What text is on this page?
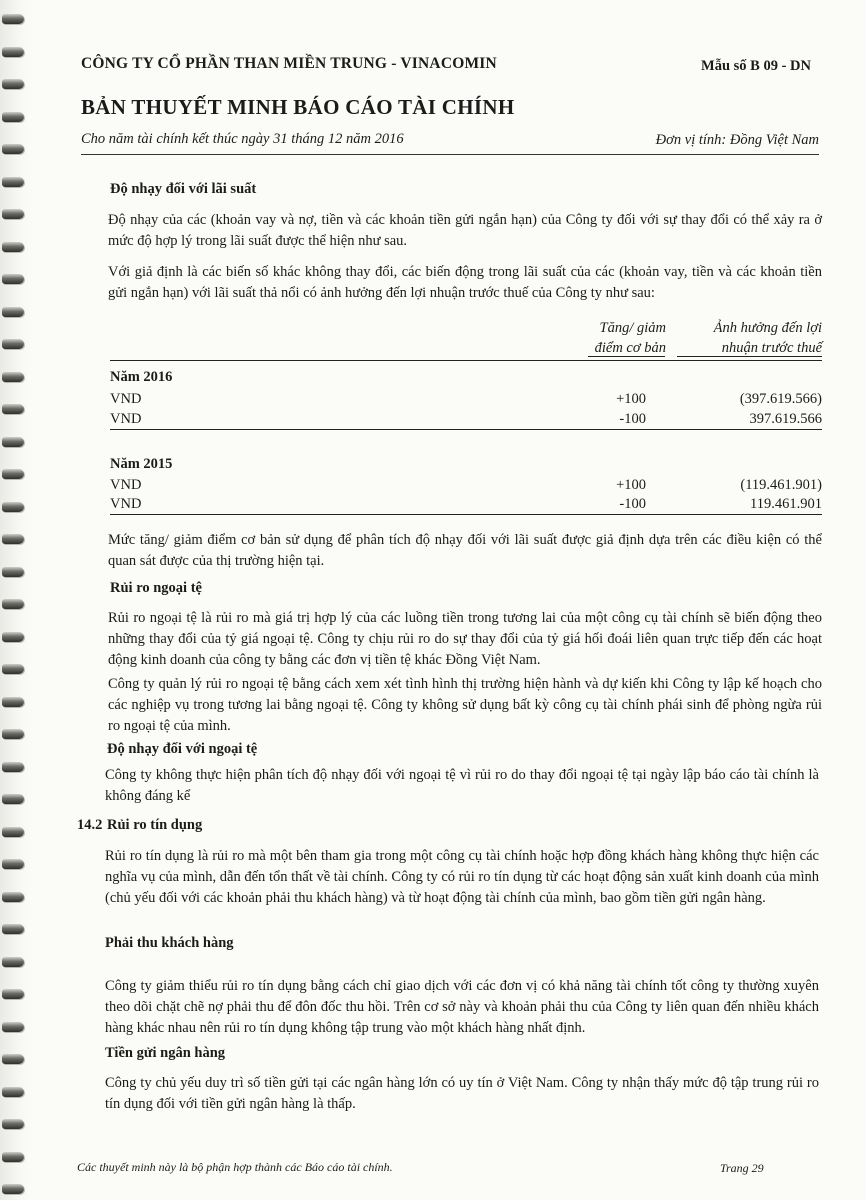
CÔNG TY CỔ PHẦN THAN MIỀN TRUNG - VINACOMIN	Mẫu số B 09 - DN
BẢN THUYẾT MINH BÁO CÁO TÀI CHÍNH
Cho năm tài chính kết thúc ngày 31 tháng 12 năm 2016	Đơn vị tính: Đồng Việt Nam
Độ nhạy đối với lãi suất
Độ nhạy của các (khoản vay và nợ, tiền và các khoản tiền gửi ngắn hạn) của Công ty đối với sự thay đổi có thể xảy ra ở mức độ hợp lý trong lãi suất được thể hiện như sau.
Với giả định là các biến số khác không thay đổi, các biến động trong lãi suất của các (khoản vay, tiền và các khoản tiền gửi ngắn hạn) với lãi suất thả nổi có ảnh hưởng đến lợi nhuận trước thuế của Công ty như sau:
Tăng/ giảm
điểm cơ bản
Ảnh hưởng đến lợi
nhuận trước thuế
Năm 2016
VND	+100	(397.619.566)
VND	-100	397.619.566
Năm 2015
VND	+100	(119.461.901)
VND	-100	119.461.901
Mức tăng/ giảm điểm cơ bản sử dụng để phân tích độ nhạy đối với lãi suất được giả định dựa trên các điều kiện có thể quan sát được của thị trường hiện tại.
Rủi ro ngoại tệ
Rủi ro ngoại tệ là rủi ro mà giá trị hợp lý của các luồng tiền trong tương lai của một công cụ tài chính sẽ biến động theo những thay đổi của tỷ giá ngoại tệ. Công ty chịu rủi ro do sự thay đổi của tỷ giá hối đoái liên quan trực tiếp đến các hoạt động kinh doanh của công ty bằng các đơn vị tiền tệ khác Đồng Việt Nam.
Công ty quản lý rủi ro ngoại tệ bằng cách xem xét tình hình thị trường hiện hành và dự kiến khi Công ty lập kế hoạch cho các nghiệp vụ trong tương lai bằng ngoại tệ. Công ty không sử dụng bất kỳ công cụ tài chính phái sinh để phòng ngừa rủi ro ngoại tệ của mình.
Độ nhạy đối với ngoại tệ
Công ty không thực hiện phân tích độ nhạy đối với ngoại tệ vì rủi ro do thay đổi ngoại tệ tại ngày lập báo cáo tài chính là không đáng kể
14.2 Rủi ro tín dụng
Rủi ro tín dụng là rủi ro mà một bên tham gia trong một công cụ tài chính hoặc hợp đồng khách hàng không thực hiện các nghĩa vụ của mình, dẫn đến tổn thất về tài chính. Công ty có rủi ro tín dụng từ các hoạt động sản xuất kinh doanh của mình (chủ yếu đối với các khoản phải thu khách hàng) và từ hoạt động tài chính của mình, bao gồm tiền gửi ngân hàng.
Phải thu khách hàng
Công ty giảm thiểu rủi ro tín dụng bằng cách chỉ giao dịch với các đơn vị có khả năng tài chính tốt công ty thường xuyên theo dõi chặt chẽ nợ phải thu để đôn đốc thu hồi. Trên cơ sở này và khoản phải thu của Công ty liên quan đến nhiều khách hàng khác nhau nên rủi ro tín dụng không tập trung vào một khách hàng nhất định.
Tiền gửi ngân hàng
Công ty chủ yếu duy trì số tiền gửi tại các ngân hàng lớn có uy tín ở Việt Nam. Công ty nhận thấy mức độ tập trung rủi ro tín dụng đối với tiền gửi ngân hàng là thấp.
Các thuyết minh này là bộ phận hợp thành các Báo cáo tài chính.	Trang 29
